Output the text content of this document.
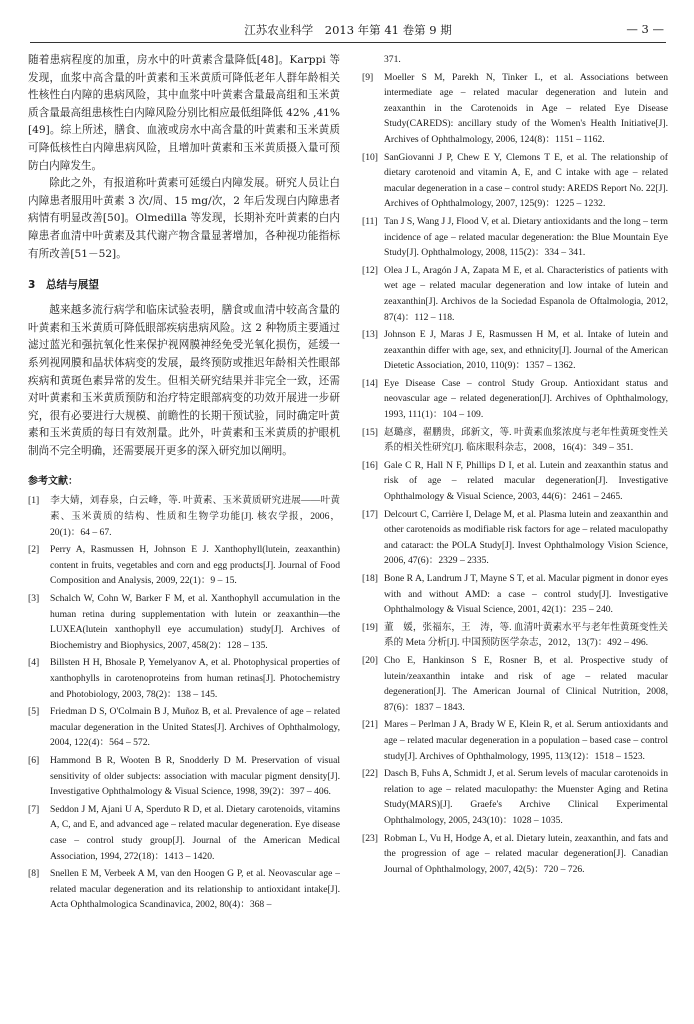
江苏农业科学　2013 年第 41 卷第 9 期	— 3 —

随着患病程度的加重，房水中的叶黄素含量降低[48]。Karppi 等发现，血浆中高含量的叶黄素和玉米黄质可降低老年人群年龄相关性核性白内障的患病风险，其中血浆中叶黄素含量最高组和玉米黄质含量最高组患核性白内障风险分别比相应最低组降低 42% ,41%[49]。综上所述，膳食、血液或房水中高含量的叶黄素和玉米黄质可降低核性白内障患病风险，且增加叶黄素和玉米黄质摄入量可预防白内障发生。

除此之外，有报道称叶黄素可延缓白内障发展。研究人员让白内障患者服用叶黄素 3 次/周、15 mg/次，2 年后发现白内障患者病情有明显改善[50]。Olmedilla 等发现，长期补充叶黄素的白内障患者血清中叶黄素及其代谢产物含量显著增加，各种视功能指标有所改善[51－52]。

3　总结与展望

越来越多流行病学和临床试验表明，膳食或血清中较高含量的叶黄素和玉米黄质可降低眼部疾病患病风险。这 2 种物质主要通过滤过蓝光和强抗氧化性来保护视网膜神经免受光氧化损伤，延缓一系列视网膜和晶状体病变的发展，最终预防或推迟年龄相关性眼部疾病和黄斑色素异常的发生。但相关研究结果并非完全一致，还需对叶黄素和玉米黄质预防和治疗特定眼部病变的功效开展进一步研究，很有必要进行大规模、前瞻性的长期干预试验，同时确定叶黄素和玉米黄质的每日有效剂量。此外，叶黄素和玉米黄质的护眼机制尚不完全明确，还需要展开更多的深入研究加以阐明。

参考文献：
[1] 李大婧，刘春泉，白云峰，等. 叶黄素、玉米黄质研究进展——叶黄素、玉米黄质的结构、性质和生物学功能[J]. 核农学报，2006，20(1)：64 – 67.
[2] Perry A, Rasmussen H, Johnson E J. Xanthophyll(lutein, zeaxanthin) content in fruits, vegetables and corn and egg products[J]. Journal of Food Composition and Analysis, 2009, 22(1)：9 – 15.
[3] Schalch W, Cohn W, Barker F M, et al. Xanthophyll accumulation in the human retina during supplementation with lutein or zeaxanthin—the LUXEA(lutein xanthophyll eye accumulation) study[J]. Archives of Biochemistry and Biophysics, 2007, 458(2)：128 – 135.
[4] Billsten H H, Bhosale P, Yemelyanov A, et al. Photophysical properties of xanthophylls in carotenoproteins from human retinas[J]. Photochemistry and Photobiology, 2003, 78(2)：138 – 145.
[5] Friedman D S, O'Colmain B J, Muñoz B, et al. Prevalence of age – related macular degeneration in the United States[J]. Archives of Ophthalmology, 2004, 122(4)：564 – 572.
[6] Hammond B R, Wooten B R, Snodderly D M. Preservation of visual sensitivity of older subjects: association with macular pigment density[J]. Investigative Ophthalmology & Visual Science, 1998, 39(2)：397 – 406.
[7] Seddon J M, Ajani U A, Sperduto R D, et al. Dietary carotenoids, vitamins A, C, and E, and advanced age – related macular degeneration. Eye disease case – control study group[J]. Journal of the American Medical Association, 1994, 272(18)：1413 – 1420.
[8] Snellen E M, Verbeek A M, van den Hoogen G P, et al. Neovascular age – related macular degeneration and its relationship to antioxidant intake[J]. Acta Ophthalmologica Scandinavica, 2002, 80(4)：368 –
371.
[9] Moeller S M, Parekh N, Tinker L, et al. Associations between intermediate age – related macular degeneration and lutein and zeaxanthin in the Carotenoids in Age – related Eye Disease Study(CAREDS): ancillary study of the Women's Health Initiative[J]. Archives of Ophthalmology, 2006, 124(8)：1151 – 1162.
[10] SanGiovanni J P, Chew E Y, Clemons T E, et al. The relationship of dietary carotenoid and vitamin A, E, and C intake with age – related macular degeneration in a case – control study: AREDS Report No. 22[J]. Archives of Ophthalmology, 2007, 125(9)：1225 – 1232.
[11] Tan J S, Wang J J, Flood V, et al. Dietary antioxidants and the long – term incidence of age – related macular degeneration: the Blue Mountain Eye Study[J]. Ophthalmology, 2008, 115(2)：334 – 341.
[12] Olea J L, Aragón J A, Zapata M E, et al. Characteristics of patients with wet age – related macular degeneration and low intake of lutein and zeaxanthin[J]. Archivos de la Sociedad Espanola de Oftalmologia, 2012, 87(4)：112 – 118.
[13] Johnson E J, Maras J E, Rasmussen H M, et al. Intake of lutein and zeaxanthin differ with age, sex, and ethnicity[J]. Journal of the American Dietetic Association, 2010, 110(9)：1357 – 1362.
[14] Eye Disease Case – control Study Group. Antioxidant status and neovascular age – related degeneration[J]. Archives of Ophthalmology, 1993, 111(1)：104 – 109.
[15] 赵璐彦，翟鹏贵，邱新文，等. 叶黄素血浆浓度与老年性黄斑变性关系的相关性研究[J]. 临床眼科杂志，2008，16(4)：349 – 351.
[16] Gale C R, Hall N F, Phillips D I, et al. Lutein and zeaxanthin status and risk of age – related macular degeneration[J]. Investigative Ophthalmology & Visual Science, 2003, 44(6)：2461 – 2465.
[17] Delcourt C, Carrière I, Delage M, et al. Plasma lutein and zeaxanthin and other carotenoids as modifiable risk factors for age – related maculopathy and cataract: the POLA Study[J]. Invest Ophthalmology Vision Science, 2006, 47(6)：2329 – 2335.
[18] Bone R A, Landrum J T, Mayne S T, et al. Macular pigment in donor eyes with and without AMD: a case – control study[J]. Investigative Ophthalmology & Visual Science, 2001, 42(1)：235 – 240.
[19] 董　媛，张福东，王　涛，等. 血清叶黄素水平与老年性黄斑变性关系的 Meta 分析[J]. 中国预防医学杂志，2012，13(7)：492 – 496.
[20] Cho E, Hankinson S E, Rosner B, et al. Prospective study of lutein/zeaxanthin intake and risk of age – related macular degeneration[J]. The American Journal of Clinical Nutrition, 2008, 87(6)：1837 – 1843.
[21] Mares – Perlman J A, Brady W E, Klein R, et al. Serum antioxidants and age – related macular degeneration in a population – based case – control study[J]. Archives of Ophthalmology, 1995, 113(12)：1518 – 1523.
[22] Dasch B, Fuhs A, Schmidt J, et al. Serum levels of macular carotenoids in relation to age – related maculopathy: the Muenster Aging and Retina Study(MARS)[J]. Graefe's Archive Clinical Experimental Ophthalmology, 2005, 243(10)：1028 – 1035.
[23] Robman L, Vu H, Hodge A, et al. Dietary lutein, zeaxanthin, and fats and the progression of age – related macular degeneration[J]. Canadian Journal of Ophthalmology, 2007, 42(5)：720 – 726.
